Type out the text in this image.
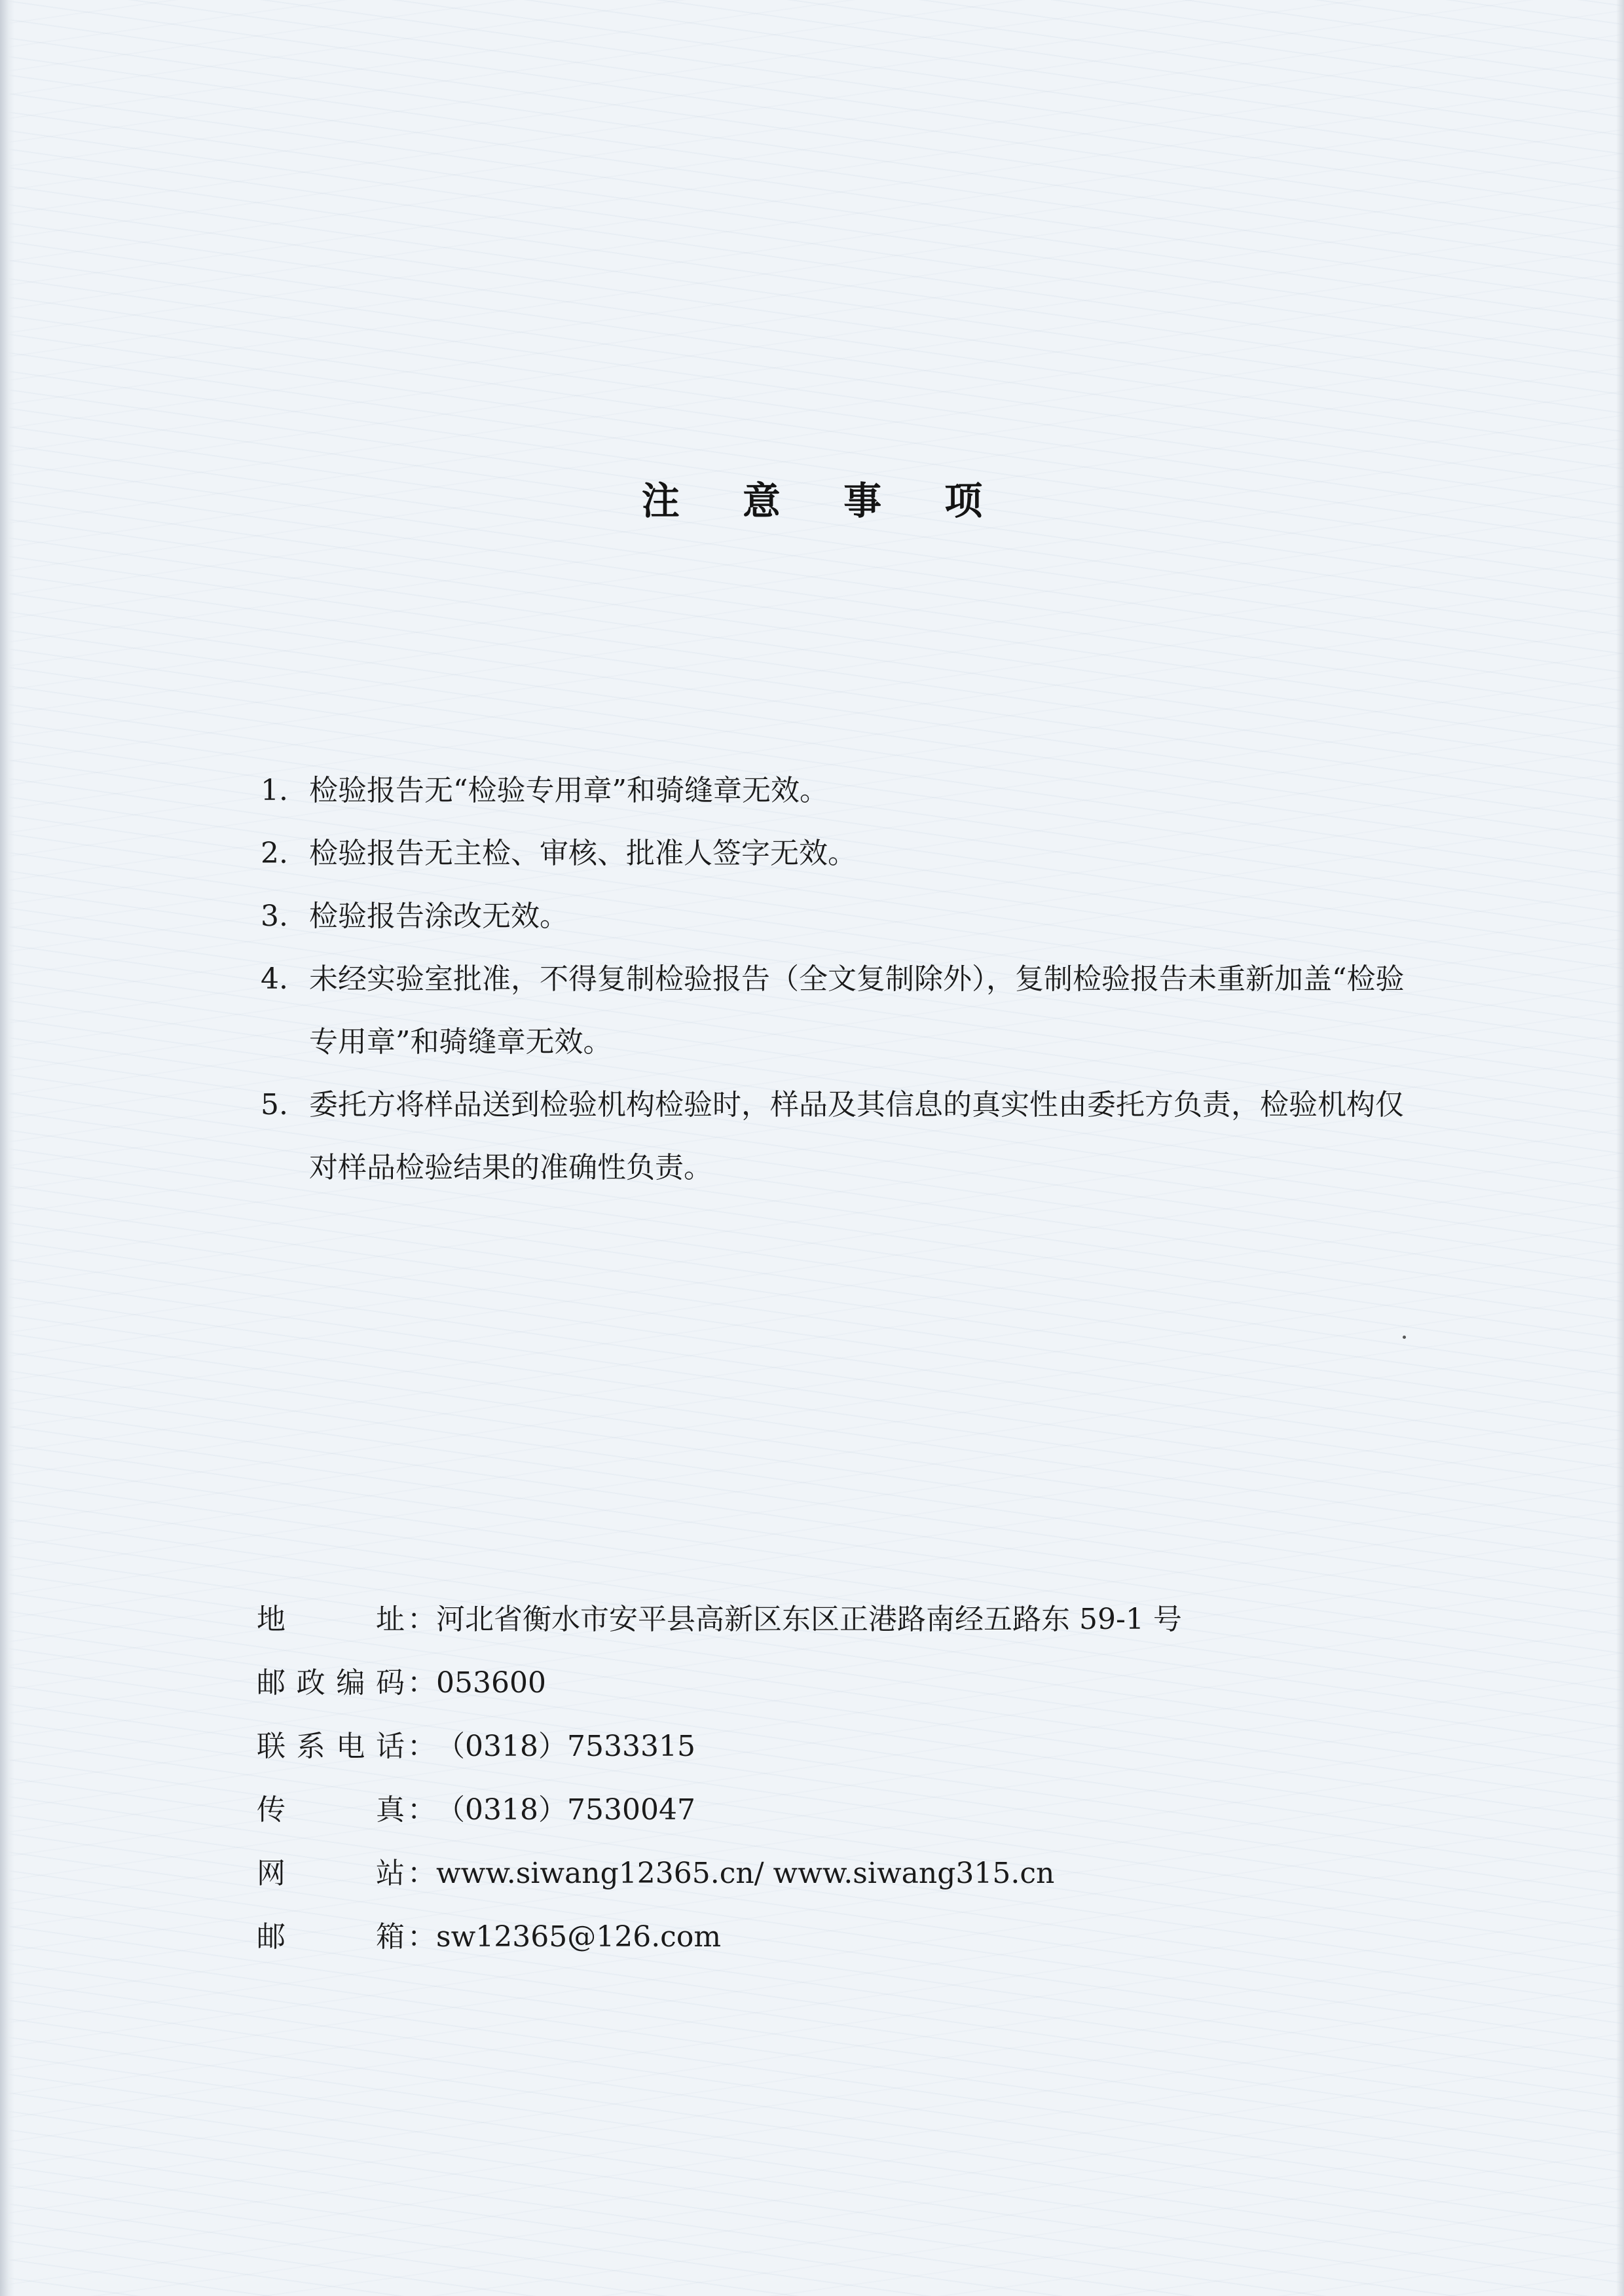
注 意 事 项
1. 检验报告无“检验专用章”和骑缝章无效。
2. 检验报告无主检、审核、批准人签字无效。
3. 检验报告涂改无效。
4. 未经实验室批准，不得复制检验报告（全文复制除外），复制检验报告未重新加盖“检验专用章”和骑缝章无效。
5. 委托方将样品送到检验机构检验时，样品及其信息的真实性由委托方负责，检验机构仅对样品检验结果的准确性负责。
地	址 ： 河北省衡水市安平县高新区东区正港路南经五路东 59-1 号
邮 政 编 码 ： 053600
联 系 电 话 ： （0318）7533315
传	真 ： （0318）7530047
网	站 ： www.siwang12365.cn/ www.siwang315.cn
邮	箱 ： sw12365@126.com
